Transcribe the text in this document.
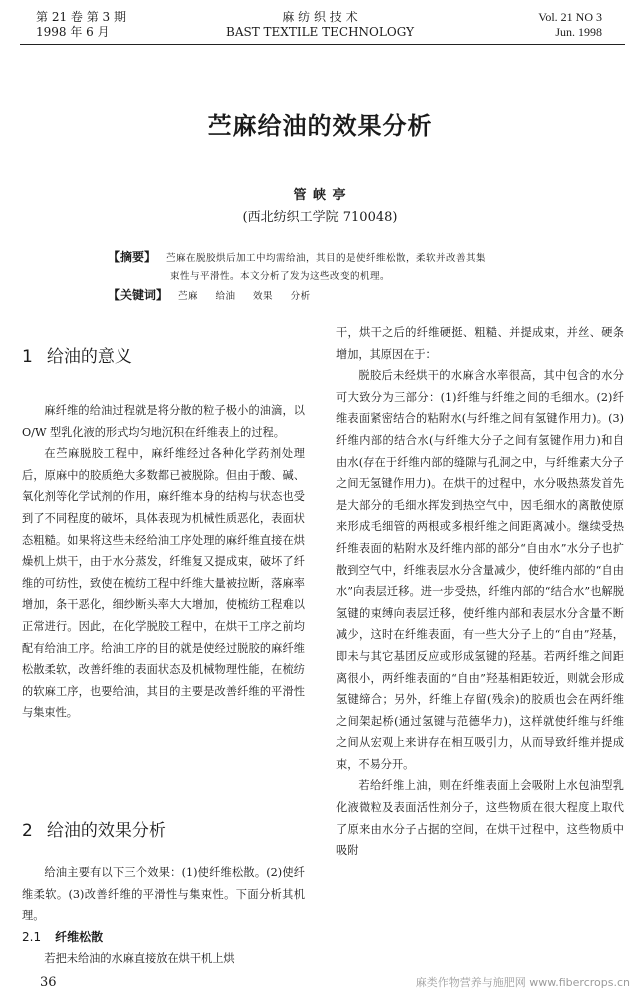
第 21 卷 第 3 期
1998 年 6 月
麻 纺 织 技 术
BAST TEXTILE TECHNOLOGY
Vol. 21 NO 3
Jun. 1998
苎麻给油的效果分析
管 峡 亭
(西北纺织工学院 710048)
【摘要】 苎麻在脱胶烘后加工中均需给油，其目的是使纤维松散，柔软并改善其集
束性与平滑性。本文分析了发为这些改变的机理。
【关键词】 苎麻 给油 效果 分析
1 给油的意义

麻纤维的给油过程就是将分散的粒子极小的油滴，以 O/W 型乳化液的形式均匀地沉积在纤维表上的过程。

在苎麻脱胶工程中，麻纤维经过各种化学药剂处理后，原麻中的胶质绝大多数都已被脱除。但由于酸、碱、氧化剂等化学试剂的作用，麻纤维本身的结构与状态也受到了不同程度的破坏，具体表现为机械性质恶化，表面状态粗糙。如果将这些未经给油工序处理的麻纤维直接在烘燥机上烘干，由于水分蒸发，纤维复又提成束，破坏了纤维的可纺性，致使在梳纺工程中纤维大量被拉断，落麻率增加，条干恶化，细纱断头率大大增加，使梳纺工程难以正常进行。因此，在化学脱胶工程中，在烘干工序之前均配有给油工序。给油工序的目的就是使经过脱胶的麻纤维松散柔软，改善纤维的表面状态及机械物理性能，在梳纺的软麻工序，也要给油，其目的主要是改善纤维的平滑性与集束性。

2 给油的效果分析

给油主要有以下三个效果：(1)使纤维松散。(2)使纤维柔软。(3)改善纤维的平滑性与集束性。下面分析其机理。

2.1 纤维松散

若把未给油的水麻直接放在烘干机上烘

干，烘干之后的纤维硬挺、粗糙、并提成束，并丝、硬条增加，其原因在于：

脱胶后未经烘干的水麻含水率很高，其中包含的水分可大致分为三部分：(1)纤维与纤维之间的毛细水。(2)纤维表面紧密结合的粘附水(与纤维之间有氢键作用力)。(3)纤维内部的结合水(与纤维大分子之间有氢键作用力)和自由水(存在于纤维内部的缝隙与孔洞之中，与纤维素大分子之间无氢键作用力)。在烘干的过程中，水分吸热蒸发首先是大部分的毛细水挥发到热空气中，因毛细水的离散使原来形成毛细管的两根或多根纤维之间距离减小。继续受热纤维表面的粘附水及纤维内部的部分“自由水”水分子也扩散到空气中，纤维表层水分含量减少，使纤维内部的“自由水”向表层迁移。进一步受热，纤维内部的“结合水”也解脱氢键的束缚向表层迁移，使纤维内部和表层水分含量不断减少，这时在纤维表面，有一些大分子上的“自由”羟基，即未与其它基团反应或形成氢键的羟基。若两纤维之间距离很小，两纤维表面的“自由”羟基相距较近，则就会形成氢键缔合；另外，纤维上存留(残余)的胶质也会在两纤维之间架起桥(通过氢键与范德华力)，这样就使纤维与纤维之间从宏观上来讲存在相互吸引力，从而导致纤维并提成束，不易分开。

若给纤维上油，则在纤维表面上会吸附上水包油型乳化液微粒及表面活性剂分子，这些物质在很大程度上取代了原来由水分子占据的空间，在烘干过程中，这些物质中吸附

36	麻类作物营养与施肥网 www.fibercrops.cn
